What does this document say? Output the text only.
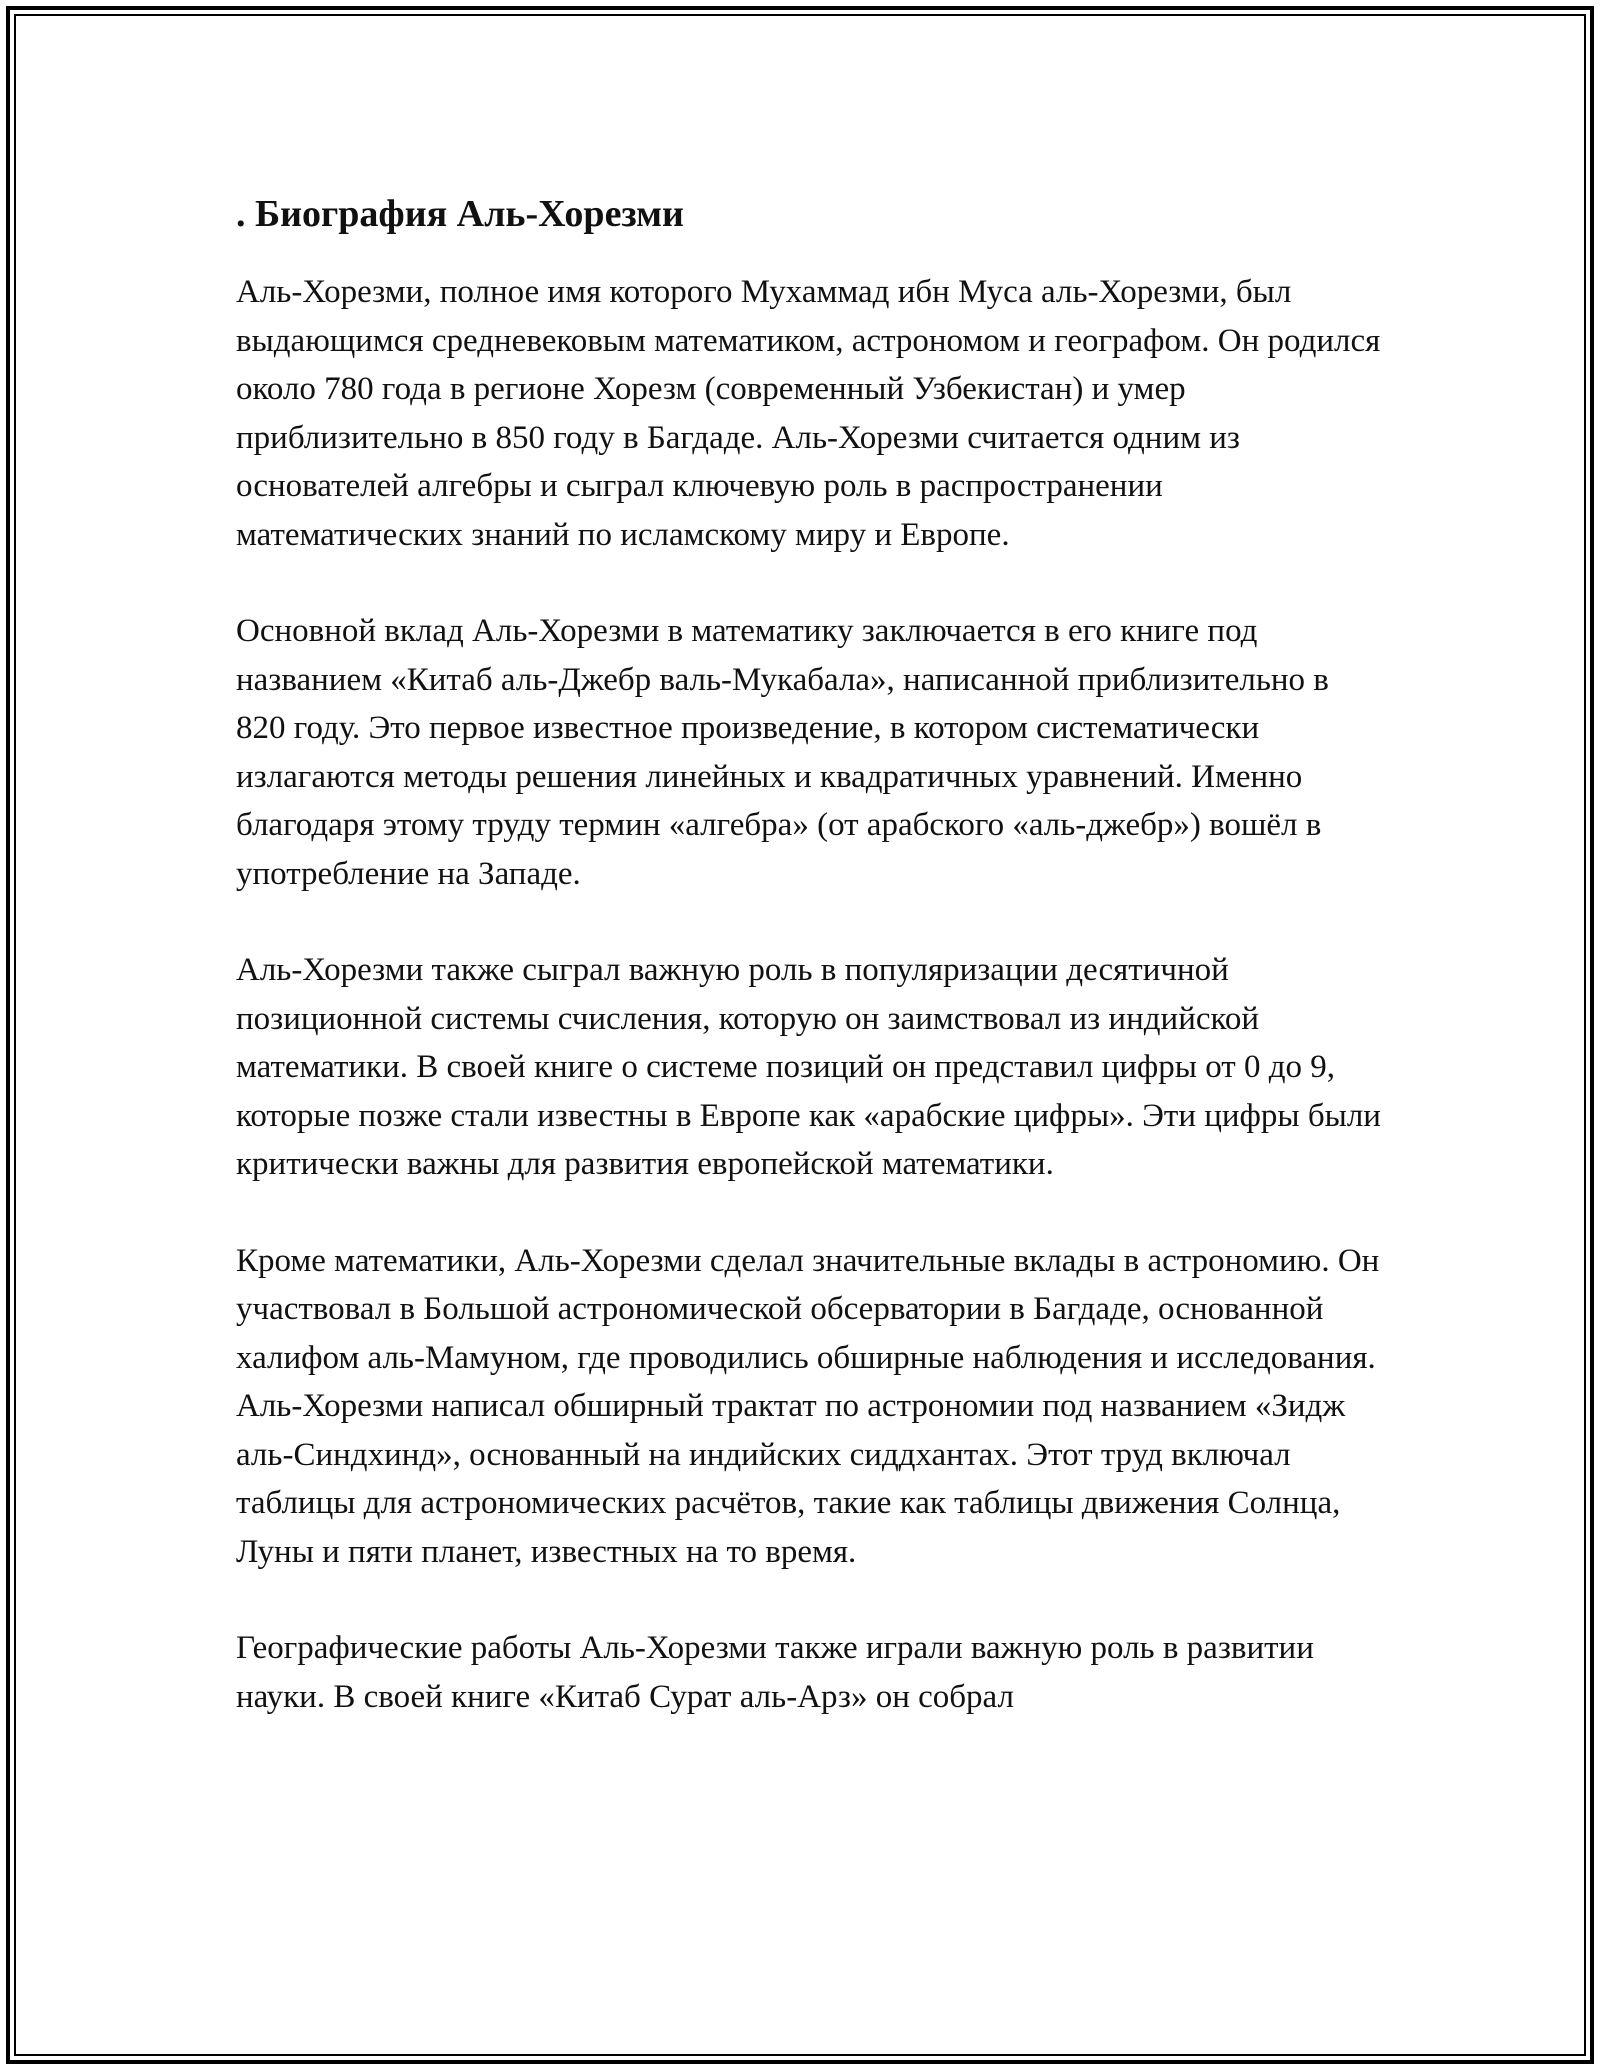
. Биография Аль-Хорезми

Аль-Хорезми, полное имя которого Мухаммад ибн Муса аль-Хорезми, был выдающимся средневековым математиком, астрономом и географом. Он родился около 780 года в регионе Хорезм (современный Узбекистан) и умер приблизительно в 850 году в Багдаде. Аль-Хорезми считается одним из основателей алгебры и сыграл ключевую роль в распространении математических знаний по исламскому миру и Европе.

Основной вклад Аль-Хорезми в математику заключается в его книге под названием «Китаб аль-Джебр валь-Мукабала», написанной приблизительно в 820 году. Это первое известное произведение, в котором систематически излагаются методы решения линейных и квадратичных уравнений. Именно благодаря этому труду термин «алгебра» (от арабского «аль-джебр») вошёл в употребление на Западе.

Аль-Хорезми также сыграл важную роль в популяризации десятичной позиционной системы счисления, которую он заимствовал из индийской математики. В своей книге о системе позиций он представил цифры от 0 до 9, которые позже стали известны в Европе как «арабские цифры». Эти цифры были критически важны для развития европейской математики.

Кроме математики, Аль-Хорезми сделал значительные вклады в астрономию. Он участвовал в Большой астрономической обсерватории в Багдаде, основанной халифом аль-Мамуном, где проводились обширные наблюдения и исследования. Аль-Хорезми написал обширный трактат по астрономии под названием «Зидж аль-Синдхинд», основанный на индийских сиддхантах. Этот труд включал таблицы для астрономических расчётов, такие как таблицы движения Солнца, Луны и пяти планет, известных на то время.

Географические работы Аль-Хорезми также играли важную роль в развитии науки. В своей книге «Китаб Сурат аль-Арз» он собрал
